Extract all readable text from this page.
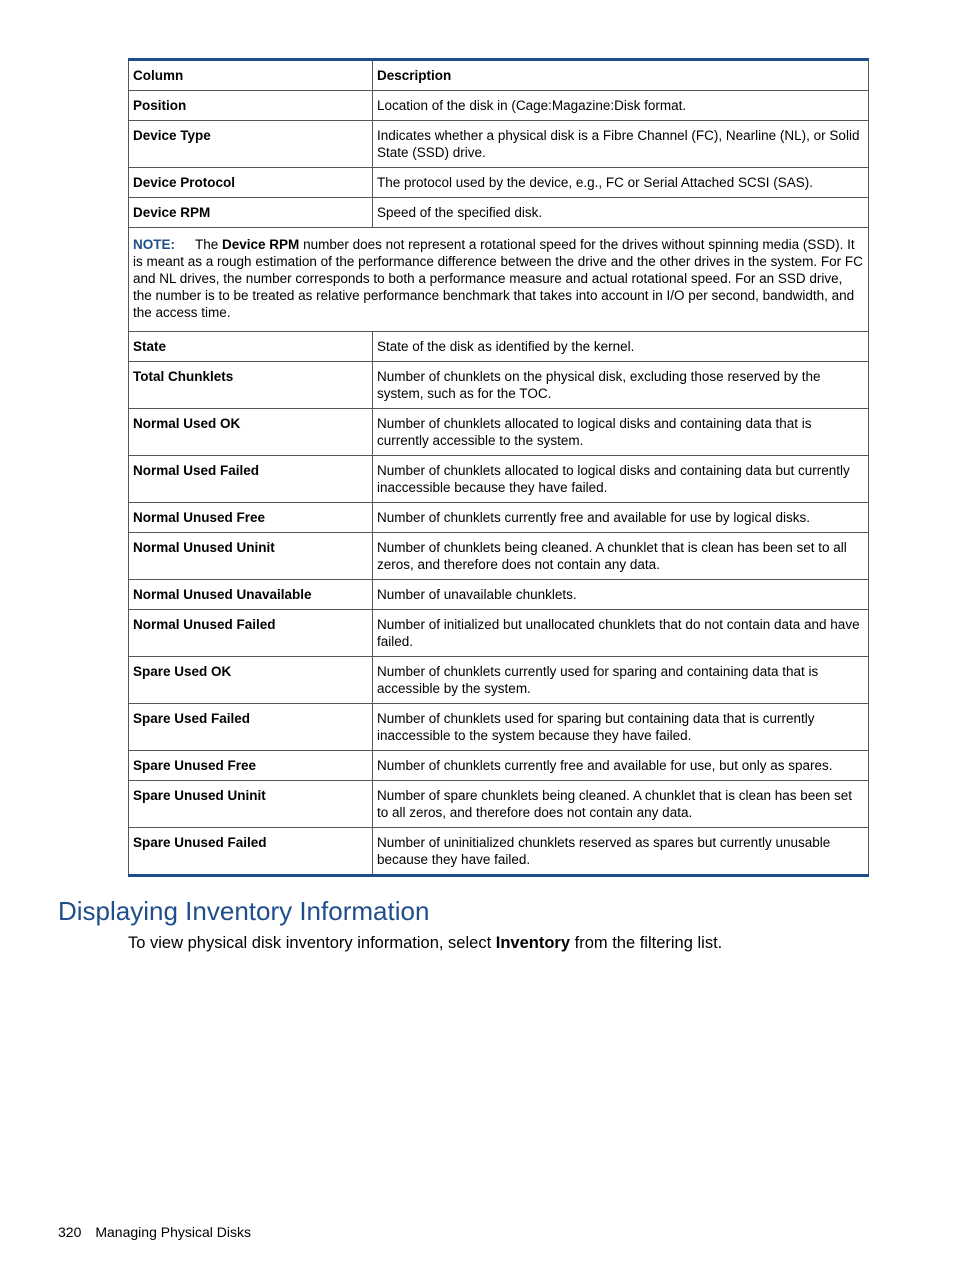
Column	Description
Position	Location of the disk in (Cage:Magazine:Disk format.
Device Type	Indicates whether a physical disk is a Fibre Channel (FC), Nearline (NL), or Solid State (SSD) drive.
Device Protocol	The protocol used by the device, e.g., FC or Serial Attached SCSI (SAS).
Device RPM	Speed of the specified disk.
NOTE: The Device RPM number does not represent a rotational speed for the drives without spinning media (SSD). It is meant as a rough estimation of the performance difference between the drive and the other drives in the system. For FC and NL drives, the number corresponds to both a performance measure and actual rotational speed. For an SSD drive, the number is to be treated as relative performance benchmark that takes into account in I/O per second, bandwidth, and the access time.	
State	State of the disk as identified by the kernel.
Total Chunklets	Number of chunklets on the physical disk, excluding those reserved by the system, such as for the TOC.
Normal Used OK	Number of chunklets allocated to logical disks and containing data that is currently accessible to the system.
Normal Used Failed	Number of chunklets allocated to logical disks and containing data but currently inaccessible because they have failed.
Normal Unused Free	Number of chunklets currently free and available for use by logical disks.
Normal Unused Uninit	Number of chunklets being cleaned. A chunklet that is clean has been set to all zeros, and therefore does not contain any data.
Normal Unused Unavailable	Number of unavailable chunklets.
Normal Unused Failed	Number of initialized but unallocated chunklets that do not contain data and have failed.
Spare Used OK	Number of chunklets currently used for sparing and containing data that is accessible by the system.
Spare Used Failed	Number of chunklets used for sparing but containing data that is currently inaccessible to the system because they have failed.
Spare Unused Free	Number of chunklets currently free and available for use, but only as spares.
Spare Unused Uninit	Number of spare chunklets being cleaned. A chunklet that is clean has been set to all zeros, and therefore does not contain any data.
Spare Unused Failed	Number of uninitialized chunklets reserved as spares but currently unusable because they have failed.
Displaying Inventory Information

To view physical disk inventory information, select Inventory from the filtering list.

320 Managing Physical Disks
